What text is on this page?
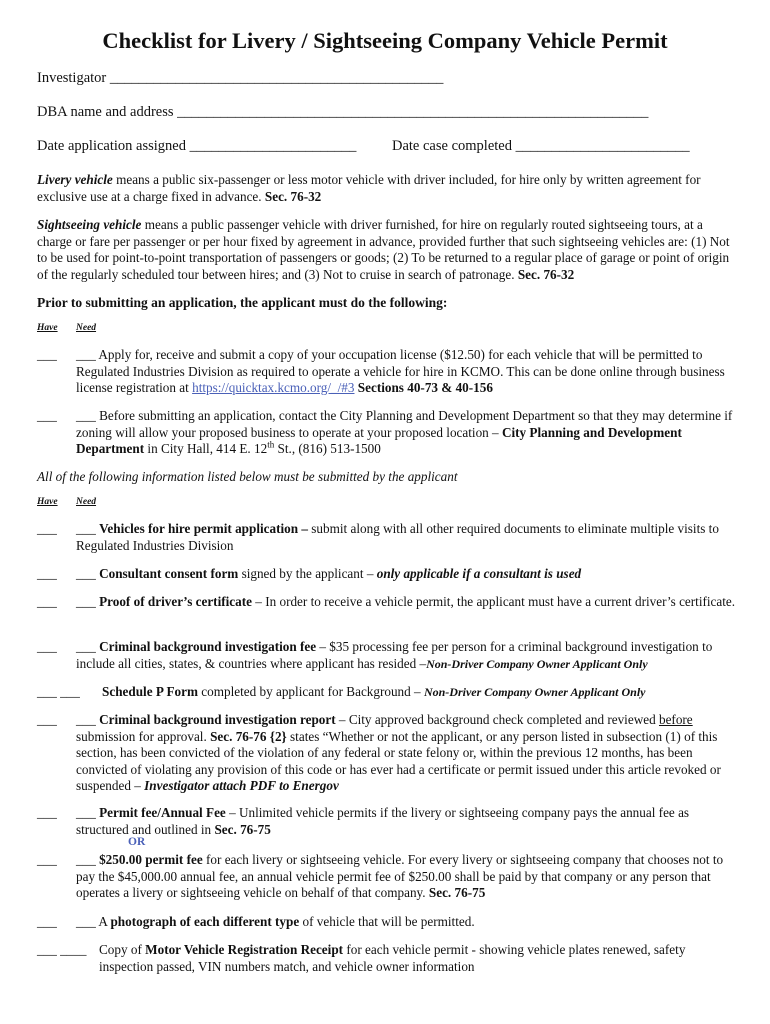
Checklist for Livery / Sightseeing Company Vehicle Permit
Investigator ______________________________________________
DBA name and address _________________________________________________________________
Date application assigned _______________________ Date case completed ________________________
Livery vehicle means a public six-passenger or less motor vehicle with driver included, for hire only by written agreement for exclusive use at a charge fixed in advance. Sec. 76-32
Sightseeing vehicle means a public passenger vehicle with driver furnished, for hire on regularly routed sightseeing tours, at a charge or fare per passenger or per hour fixed by agreement in advance, provided further that such sightseeing vehicles are: (1) Not to be used for point-to-point transportation of passengers or goods; (2) To be returned to a regular place of garage or point of origin of the regularly scheduled tour between hires; and (3) Not to cruise in search of patronage. Sec. 76-32
Prior to submitting an application, the applicant must do the following:
Have Need
___ ___ Apply for, receive and submit a copy of your occupation license ($12.50) for each vehicle that will be permitted to Regulated Industries Division as required to operate a vehicle for hire in KCMO. This can be done online through business license registration at https://quicktax.kcmo.org/_/#3 Sections 40-73 & 40-156
___ ___ Before submitting an application, contact the City Planning and Development Department so that they may determine if zoning will allow your proposed business to operate at your proposed location – City Planning and Development Department in City Hall, 414 E. 12th St., (816) 513-1500
All of the following information listed below must be submitted by the applicant
Have Need
___ ___ Vehicles for hire permit application – submit along with all other required documents to eliminate multiple visits to Regulated Industries Division
___ ___ Consultant consent form signed by the applicant – only applicable if a consultant is used
___ ___ Proof of driver’s certificate – In order to receive a vehicle permit, the applicant must have a current driver’s certificate.
___ ___ Criminal background investigation fee – $35 processing fee per person for a criminal background investigation to include all cities, states, & countries where applicant has resided –Non-Driver Company Owner Applicant Only
___ ___ Schedule P Form completed by applicant for Background – Non-Driver Company Owner Applicant Only
___ ___ Criminal background investigation report – City approved background check completed and reviewed before submission for approval. Sec. 76-76 {2} states “Whether or not the applicant, or any person listed in subsection (1) of this section, has been convicted of the violation of any federal or state felony or, within the previous 12 months, has been convicted of violating any provision of this code or has ever had a certificate or permit issued under this article revoked or suspended – Investigator attach PDF to Energov
___ ___ Permit fee/Annual Fee – Unlimited vehicle permits if the livery or sightseeing company pays the annual fee as structured and outlined in Sec. 76-75
OR
___ ___ $250.00 permit fee for each livery or sightseeing vehicle. For every livery or sightseeing company that chooses not to pay the $45,000.00 annual fee, an annual vehicle permit fee of $250.00 shall be paid by that company or any person that operates a livery or sightseeing vehicle on behalf of that company. Sec. 76-75
___ ___ A photograph of each different type of vehicle that will be permitted.
___ ____ Copy of Motor Vehicle Registration Receipt for each vehicle permit - showing vehicle plates renewed, safety inspection passed, VIN numbers match, and vehicle owner information
